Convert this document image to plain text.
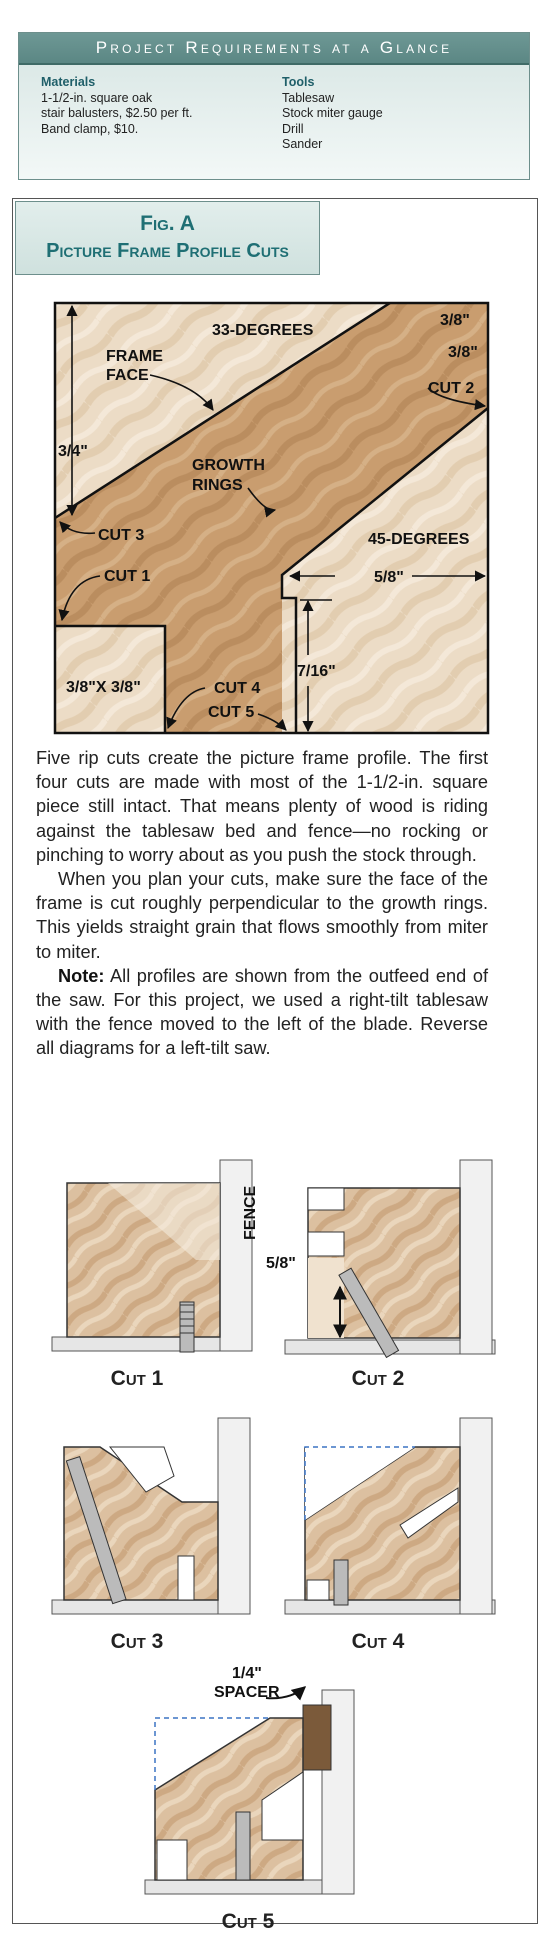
Project Requirements at a Glance
Materials
1-1/2-in. square oak
stair balusters, $2.50 per ft.
Band clamp, $10.
Tools
Tablesaw
Stock miter gauge
Drill
Sander
Fig. A
Picture Frame Profile Cuts
33-DEGREES
FRAME
FACE
3/8"
3/8"
CUT 2
3/4"
GROWTH
RINGS
CUT 3	45-DEGREES
CUT 1	5/8"
7/16"
3/8"X 3/8"	CUT 4
CUT 5
FENCE
5/8"
1/4"
SPACER

Five rip cuts create the picture frame profile. The first four cuts are made with most of the 1-1/2-in. square piece still intact. That means plenty of wood is riding against the tablesaw bed and fence—no rocking or pinching to worry about as you push the stock through.

When you plan your cuts, make sure the face of the frame is cut roughly perpendicular to the growth rings. This yields straight grain that flows smoothly from miter to miter.

Note: All profiles are shown from the outfeed end of the saw. For this project, we used a right-tilt tablesaw with the fence moved to the left of the blade. Reverse all diagrams for a left-tilt saw.

Cut 1	Cut 2
Cut 3	Cut 4
Cut 5
